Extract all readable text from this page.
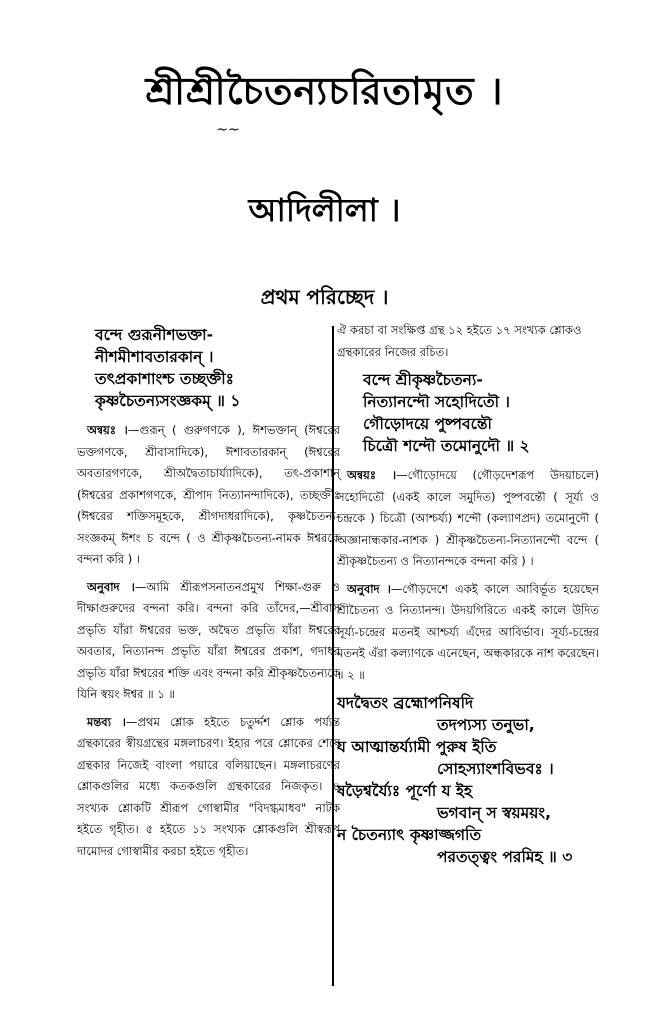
শ্রীশ্রীচৈতন্যচরিতামৃত ।
~~
আদিলীলা ।
প্রথম পরিচ্ছেদ ।
বন্দে গুরূনীশভক্তা-
নীশমীশাবতারকান্‌ ।
তৎপ্রকাশাংশ্চ তচ্ছক্তীঃ
কৃষ্ণচৈতন্যসংজ্ঞকম্‌ ॥ ১

অন্বয়ঃ ।—গুরূন্‌ ( গুরুগণকে ), ঈশভক্তান্‌ (ঈশ্বরের ভক্তগণকে, শ্রীবাসাদিকে), ঈশাবতারকান্‌ (ঈশ্বরের অবতারগণকে, শ্রীঅদ্বৈতাচার্য্যাদিকে), তৎ-প্রকাশান্‌ (ঈশ্বরের প্রকাশগণকে, শ্রীপাদ নিত্যানন্দাদিকে), তচ্ছক্তীঃ (ঈশ্বরের শক্তিসমূহকে, শ্রীগদাধরাদিকে), কৃষ্ণচৈতন্য-সংজ্ঞকম্‌ ঈশং চ বন্দে ( ও শ্রীকৃষ্ণচৈতন্য-নামক ঈশ্বরকে বন্দনা করি ) ।

অনুবাদ ।—আমি শ্রীরূপসনাতনপ্রমুখ শিক্ষা-গুরু ও দীক্ষাগুরুদের বন্দনা করি। বন্দনা করি তাঁদের,—শ্রীবাস প্রভৃতি যাঁরা ঈশ্বরের ভক্ত, অদ্বৈত প্রভৃতি যাঁরা ঈশ্বরের অবতার, নিত্যানন্দ প্রভৃতি যাঁরা ঈশ্বরের প্রকাশ, গদাধর প্রভৃতি যাঁরা ঈশ্বরের শক্তি এবং বন্দনা করি শ্রীকৃষ্ণচৈতন্যকে যিনি স্বয়ং ঈশ্বর ॥ ১ ॥

মন্তব্য ।—প্রথম শ্লোক হইতে চতুর্দ্দশ শ্লোক পর্য্যন্ত গ্রন্থকারের স্বীয়গ্রন্থের মঙ্গলাচরণ। ইহার পরে শ্লোকের শেষে গ্রন্থকার নিজেই বাংলা পয়ারে বলিয়াছেন। মঙ্গলাচরণের শ্লোকগুলির মধ্যে কতকগুলি গ্রন্থকারের নিজকৃত। ৪ সংখ্যক শ্লোকটি শ্রীরূপ গোস্বামীর "বিদগ্ধমাধব" নাটক হইতে গৃহীত। ৫ হইতে ১১ সংখ্যক শ্লোকগুলি শ্রীস্বরূপ দামোদর গোস্বামীর করচা হইতে গৃহীত।

ঐ করচা বা সংক্ষিপ্ত গ্রন্থ ১২ হইতে ১৭ সংখ্যক শ্লোকও গ্রন্থকারের নিজের রচিত।

বন্দে শ্রীকৃষ্ণচৈতন্য-
নিত্যানন্দৌ সহোদিতৌ ।
গৌড়োদয়ে পুষ্পবন্তৌ
চিত্রৌ শন্দৌ তমোনুদৌ ॥ ২

অন্বয়ঃ ।—গৌড়োদয়ে (গৌড়দেশরূপ উদয়াচলে) সহোদিতৌ (একই কালে সমুদিত) পুষ্পবন্তৌ ( সূর্য্য ও চন্দ্রকে ) চিত্রৌ (আশ্চর্য্য) শন্দৌ (কল্যাণপ্রদ) তমোনুদৌ ( অজ্ঞানান্ধকার-নাশক ) শ্রীকৃষ্ণচৈতন্য-নিত্যানন্দৌ বন্দে ( শ্রীকৃষ্ণচৈতন্য ও নিত্যানন্দকে বন্দনা করি ) ।

অনুবাদ ।—গৌড়দেশে একই কালে আবির্ভূত হয়েছেন শ্রীচৈতন্য ও নিত্যানন্দ। উদয়গিরিতে একই কালে উদিত সূর্য্য-চন্দ্রের মতনই আশ্চর্য্য এঁদের আবির্ভাব। সূর্য্য-চন্দ্রের মতনই এঁরা কল্যাণকে এনেছেন, অন্ধকারকে নাশ করেছেন। ॥ ২ ॥

যদদ্বৈতং ব্রহ্মোপনিষদি
তদপ্যস্য তনুভা,
য আত্মান্তর্য্যামী পুরুষ ইতি
সোহস্যাংশবিভবঃ ।
ষড়ৈশ্বর্য্যৈঃ পূর্ণো য ইহ
ভগবান্‌ স স্বয়ময়ং,
ন চৈতন্যাৎ কৃষ্ণাজ্জগতি
পরতত্ত্বং পরমিহ ॥ ৩
